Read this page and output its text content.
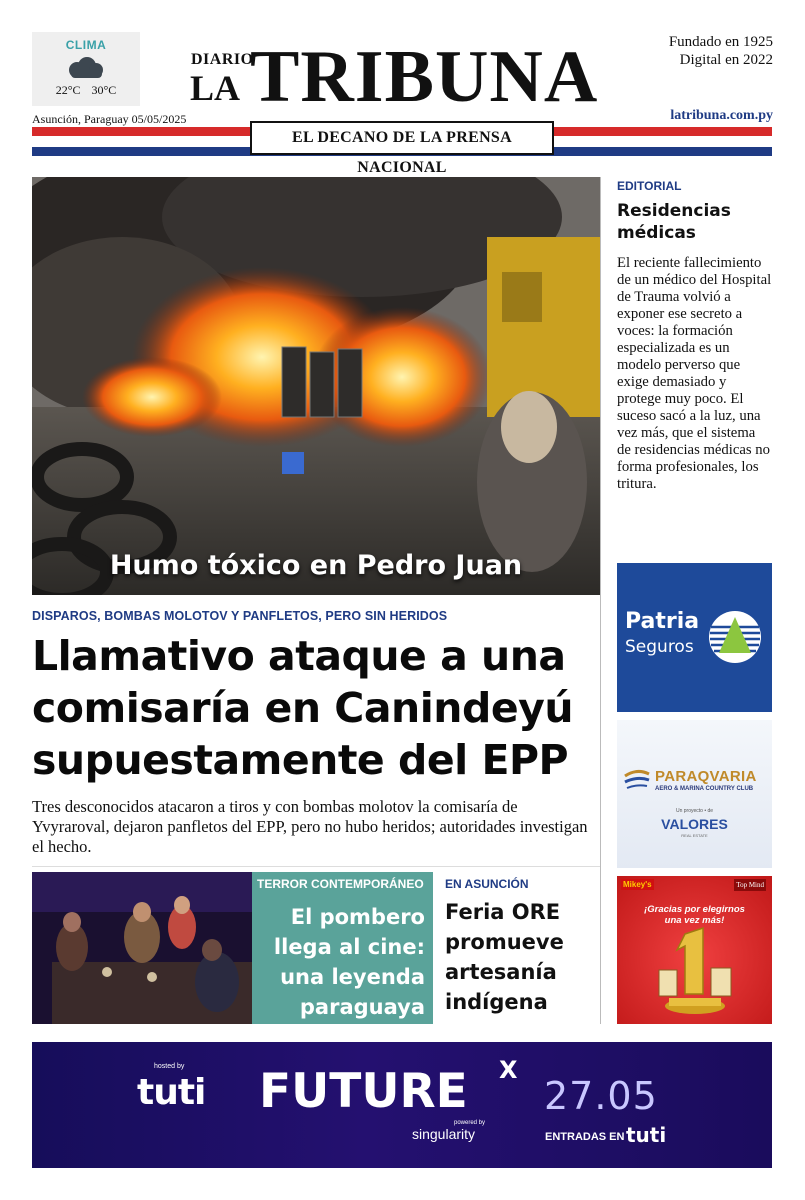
CLIMA
22°C 30°C
Asunción, Paraguay 05/05/2025
DIARIO
LA TRIBUNA	Fundado en 1925
Digital en 2022
latribuna.com.py
EL DECANO DE LA PRENSA NACIONAL
Humo tóxico en Pedro Juan
DISPAROS, BOMBAS MOLOTOV Y PANFLETOS, PERO SIN HERIDOS
Llamativo ataque a una
comisaría en Canindeyú
supuestamente del EPP
Tres desconocidos atacaron a tiros y con bombas molotov la comisaría de Yvyraroval, dejaron panfletos del EPP, pero no hubo heridos; autoridades investigan el hecho.
TERROR CONTEMPORÁNEO
El pombero
llega al cine:
una leyenda
paraguaya
EN ASUNCIÓN
Feria ORE
promueve
artesanía
indígena
EDITORIAL
Residencias médicas
El reciente fallecimiento de un médico del Hospital de Trauma volvió a exponer ese secreto a voces: la formación especializada es un modelo perverso que exige demasiado y protege muy poco. El suceso sacó a la luz, una vez más, que el sistema de residencias médicas no forma profesionales, los tritura.
Patria
Seguros
PARAQVARIA
AERO & MARINA COUNTRY CLUB
Un proyecto • de
VALORES
REAL ESTATE
Mikey's	Top Mind
¡Gracias por elegirnos
una vez más!
hosted by
tuti FUTURE X
powered by
singularity
27.05
ENTRADAS EN tuti
